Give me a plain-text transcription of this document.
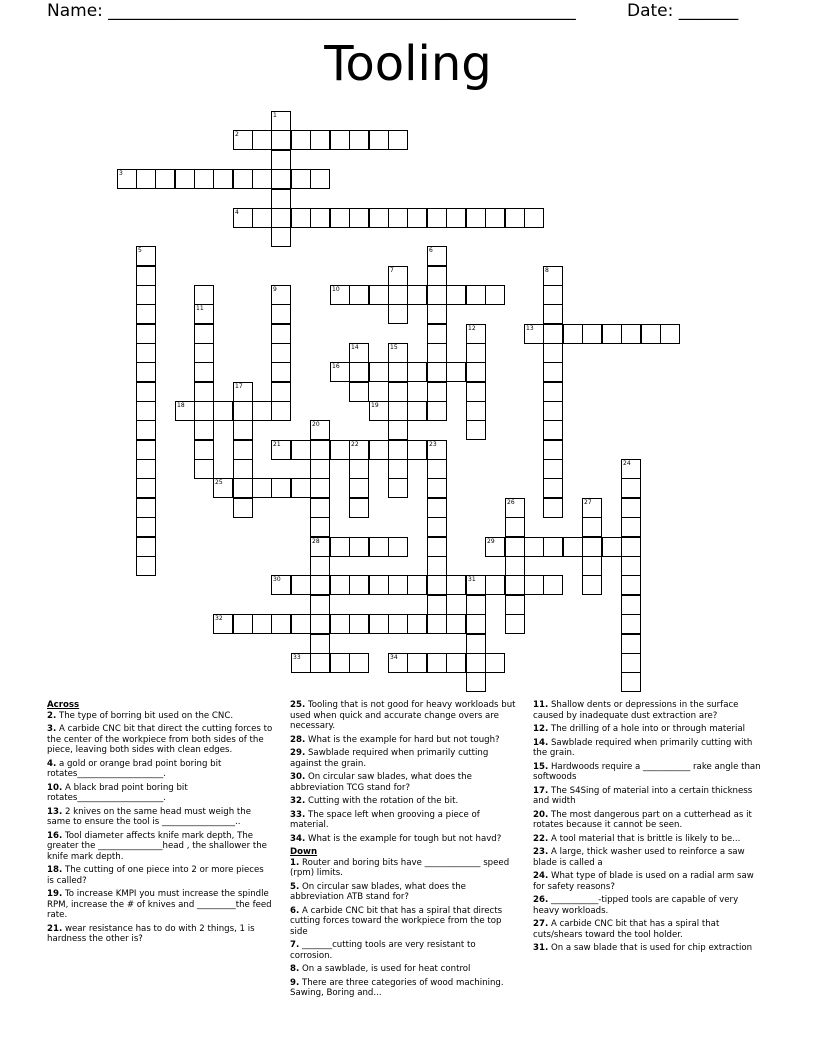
Name: _______________________________________________________	Date: _______
Tooling
1
2
3
4
5	6
7	8
9	10
11
12	13
14	15
16
17
18	19
20
21	22	23
24
25
26	27
28	29
30	31
32
33	34
Across
2. The type of borring bit used on the CNC.
3. A carbide CNC bit that direct the cutting forces to the center of the workpiece from both sides of the piece, leaving both sides with clean edges.
4. a gold or orange brad point boring bit rotates____________________.
10. A black brad point boring bit rotates____________________.
13. 2 knives on the same head must weigh the same to ensure the tool is _________________..
16. Tool diameter affects knife mark depth, The greater the _______________head , the shallower the knife mark depth.
18. The cutting of one piece into 2 or more pieces is called?
19. To increase KMPI you must increase the spindle RPM, increase the # of knives and _________the feed rate.
21. wear resistance has to do with 2 things, 1 is hardness the other is?
25. Tooling that is not good for heavy workloads but used when quick and accurate change overs are necessary.
28. What is the example for hard but not tough?
29. Sawblade required when primarily cutting against the grain.
30. On circular saw blades, what does the abbreviation TCG stand for?
32. Cutting with the rotation of the bit.
33. The space left when grooving a piece of material.
34. What is the example for tough but not havd?
Down
1. Router and boring bits have _____________ speed (rpm) limits.
5. On circular saw blades, what does the abbreviation ATB stand for?
6. A carbide CNC bit that has a spiral that directs cutting forces toward the workpiece from the top side
7. _______cutting tools are very resistant to corrosion.
8. On a sawblade, is used for heat control
9. There are three categories of wood machining. Sawing, Boring and...
11. Shallow dents or depressions in the surface caused by inadequate dust extraction are?
12. The drilling of a hole into or through material
14. Sawblade required when primarily cutting with the grain.
15. Hardwoods require a ___________ rake angle than softwoods
17. The S4Sing of material into a certain thickness and width
20. The most dangerous part on a cutterhead as it rotates because it cannot be seen.
22. A tool material that is brittle is likely to be...
23. A large, thick washer used to reinforce a saw blade is called a
24. What type of blade is used on a radial arm saw for safety reasons?
26. ___________-tipped tools are capable of very heavy workloads.
27. A carbide CNC bit that has a spiral that cuts/shears toward the tool holder.
31. On a saw blade that is used for chip extraction
